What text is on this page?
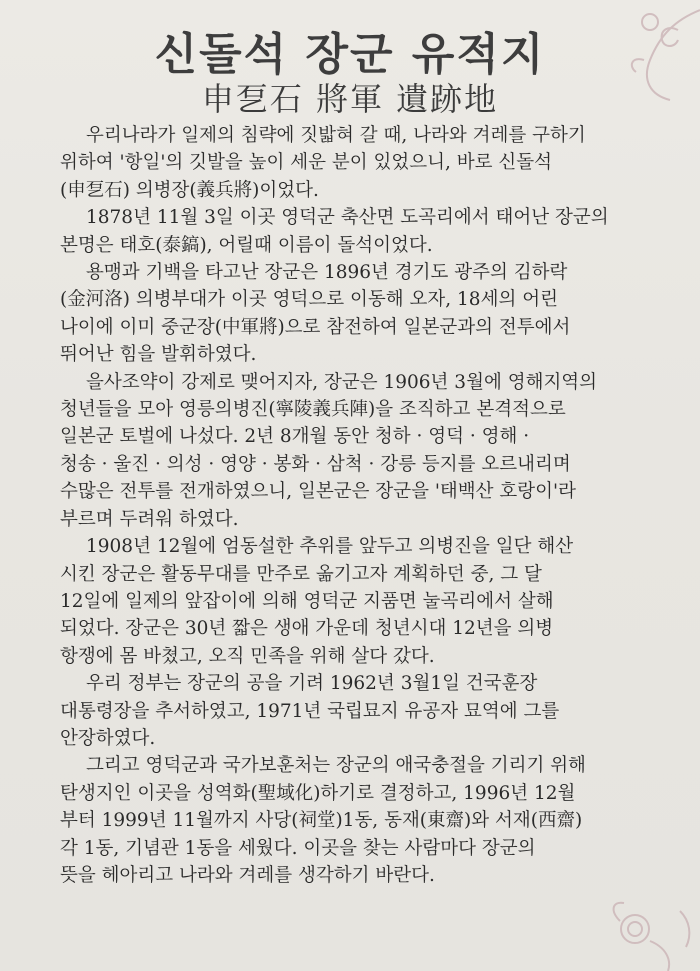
신돌석 장군 유적지
申乭石 將軍 遺跡地

우리나라가 일제의 침략에 짓밟혀 갈 때, 나라와 겨레를 구하기

위하여 '항일'의 깃발을 높이 세운 분이 있었으니, 바로 신돌석

(申乭石) 의병장(義兵將)이었다.

1878년 11월 3일 이곳 영덕군 축산면 도곡리에서 태어난 장군의

본명은 태호(泰鎬), 어릴때 이름이 돌석이었다.

용맹과 기백을 타고난 장군은 1896년 경기도 광주의 김하락

(金河洛) 의병부대가 이곳 영덕으로 이동해 오자, 18세의 어린

나이에 이미 중군장(中軍將)으로 참전하여 일본군과의 전투에서

뛰어난 힘을 발휘하였다.

을사조약이 강제로 맺어지자, 장군은 1906년 3월에 영해지역의

청년들을 모아 영릉의병진(寧陵義兵陣)을 조직하고 본격적으로

일본군 토벌에 나섰다. 2년 8개월 동안 청하 · 영덕 · 영해 ·

청송 · 울진 · 의성 · 영양 · 봉화 · 삼척 · 강릉 등지를 오르내리며

수많은 전투를 전개하였으니, 일본군은 장군을 '태백산 호랑이'라

부르며 두려워 하였다.

1908년 12월에 엄동설한 추위를 앞두고 의병진을 일단 해산

시킨 장군은 활동무대를 만주로 옮기고자 계획하던 중, 그 달

12일에 일제의 앞잡이에 의해 영덕군 지품면 눌곡리에서 살해

되었다. 장군은 30년 짧은 생애 가운데 청년시대 12년을 의병

항쟁에 몸 바쳤고, 오직 민족을 위해 살다 갔다.

우리 정부는 장군의 공을 기려 1962년 3월1일 건국훈장

대통령장을 추서하였고, 1971년 국립묘지 유공자 묘역에 그를

안장하였다.

그리고 영덕군과 국가보훈처는 장군의 애국충절을 기리기 위해

탄생지인 이곳을 성역화(聖域化)하기로 결정하고, 1996년 12월

부터 1999년 11월까지 사당(祠堂)1동, 동재(東齋)와 서재(西齋)

각 1동, 기념관 1동을 세웠다. 이곳을 찾는 사람마다 장군의

뜻을 헤아리고 나라와 겨레를 생각하기 바란다.
